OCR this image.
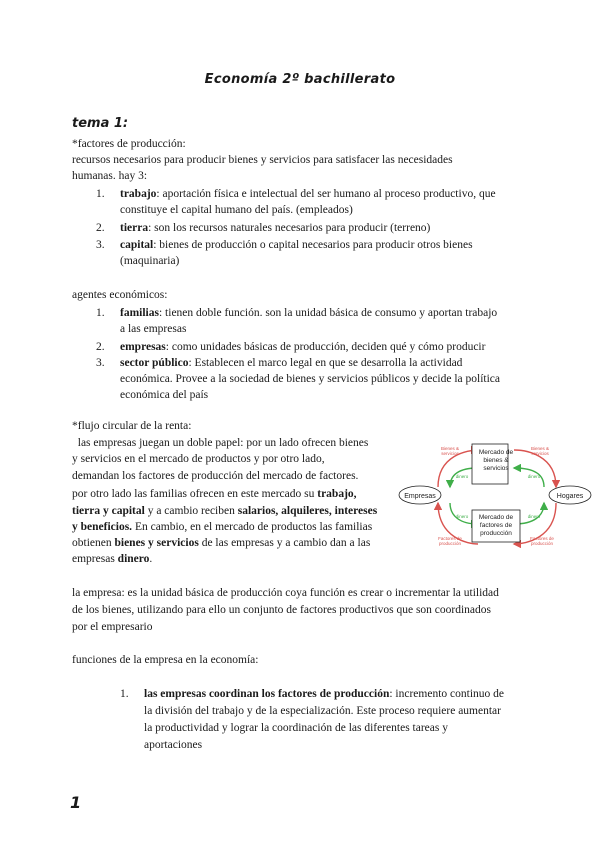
Economía 2º bachillerato
tema 1:
*factores de producción:
recursos necesarios para producir bienes y servicios para satisfacer las necesidades
humanas. hay 3:
1. trabajo: aportación física e intelectual del ser humano al proceso productivo, que
constituye el capital humano del país. (empleados)
2. tierra: son los recursos naturales necesarios para producir (terreno)
3. capital: bienes de producción o capital necesarios para producir otros bienes
(maquinaria)
agentes económicos:
1. familias: tienen doble función. son la unidad básica de consumo y aportan trabajo
a las empresas
2. empresas: como unidades básicas de producción, deciden qué y cómo producir
3. sector público: Establecen el marco legal en que se desarrolla la actividad
económica. Provee a la sociedad de bienes y servicios públicos y decide la política
económica del país
*flujo circular de la renta:
las empresas juegan un doble papel: por un lado ofrecen bienes
y servicios en el mercado de productos y por otro lado,
demandan los factores de producción del mercado de factores.
por otro lado las familias ofrecen en este mercado su trabajo,
tierra y capital y a cambio reciben salarios, alquileres, intereses
y beneficios. En cambio, en el mercado de productos las familias
obtienen bienes y servicios de las empresas y a cambio dan a las
empresas dinero.
Mercado de
bienes &
servicios
Mercado de
factores de
producción
Empresas	Hogares
Bienes &
servicios
Bienes &
servicios
dinero	dinero
dinero	dinero
Factores de
producción
Factores de
producción
la empresa: es la unidad básica de producción coya función es crear o incrementar la utilidad
de los bienes, utilizando para ello un conjunto de factores productivos que son coordinados
por el empresario
funciones de la empresa en la economía:
1. las empresas coordinan los factores de producción: incremento continuo de
la división del trabajo y de la especialización. Este proceso requiere aumentar
la productividad y lograr la coordinación de las diferentes tareas y
aportaciones
1
